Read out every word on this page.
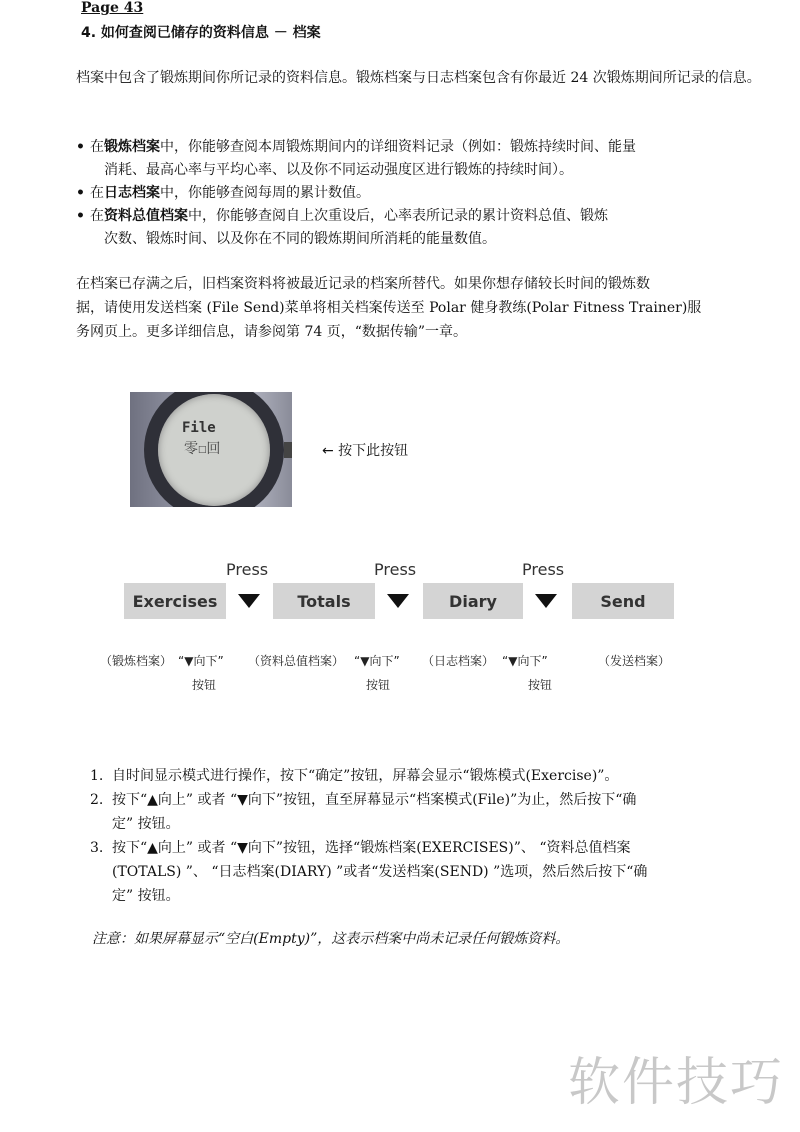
Page 43
4. 如何查阅已储存的资料信息 － 档案
档案中包含了锻炼期间你所记录的资料信息。锻炼档案与日志档案包含有你最近 24 次锻炼期间所记录的信息。
• 在锻炼档案中，你能够查阅本周锻炼期间内的详细资料记录（例如：锻炼持续时间、能量
消耗、最高心率与平均心率、以及你不同运动强度区进行锻炼的持续时间）。
• 在日志档案中，你能够查阅每周的累计数值。
• 在资料总值档案中，你能够查阅自上次重设后，心率表所记录的累计资料总值、锻炼
次数、锻炼时间、以及你在不同的锻炼期间所消耗的能量数值。
在档案已存满之后，旧档案资料将被最近记录的档案所替代。如果你想存储较长时间的锻炼数
据，请使用发送档案 (File Send)菜单将相关档案传送至 Polar 健身教练(Polar Fitness Trainer)服
务网页上。更多详细信息，请参阅第 74 页，“数据传输”一章。
File
零☐回	← 按下此按钮
Press	Press	Press
Exercises	Totals	Diary	Send
（锻炼档案） “▼向下” （资料总值档案） “▼向下” （日志档案） “▼向下”	（发送档案）
按钮	按钮	按钮
1. 自时间显示模式进行操作，按下“确定”按钮，屏幕会显示“锻炼模式(Exercise)”。
2. 按下“▲向上” 或者 “▼向下”按钮，直至屏幕显示“档案模式(File)”为止，然后按下“确
定” 按钮。
3. 按下“▲向上” 或者 “▼向下”按钮，选择“锻炼档案(EXERCISES)”、 “资料总值档案
(TOTALS) ”、 “日志档案(DIARY) ”或者“发送档案(SEND) ”选项，然后然后按下“确
定” 按钮。
注意：如果屏幕显示“空白(Empty)”，这表示档案中尚未记录任何锻炼资料。
软件技巧
